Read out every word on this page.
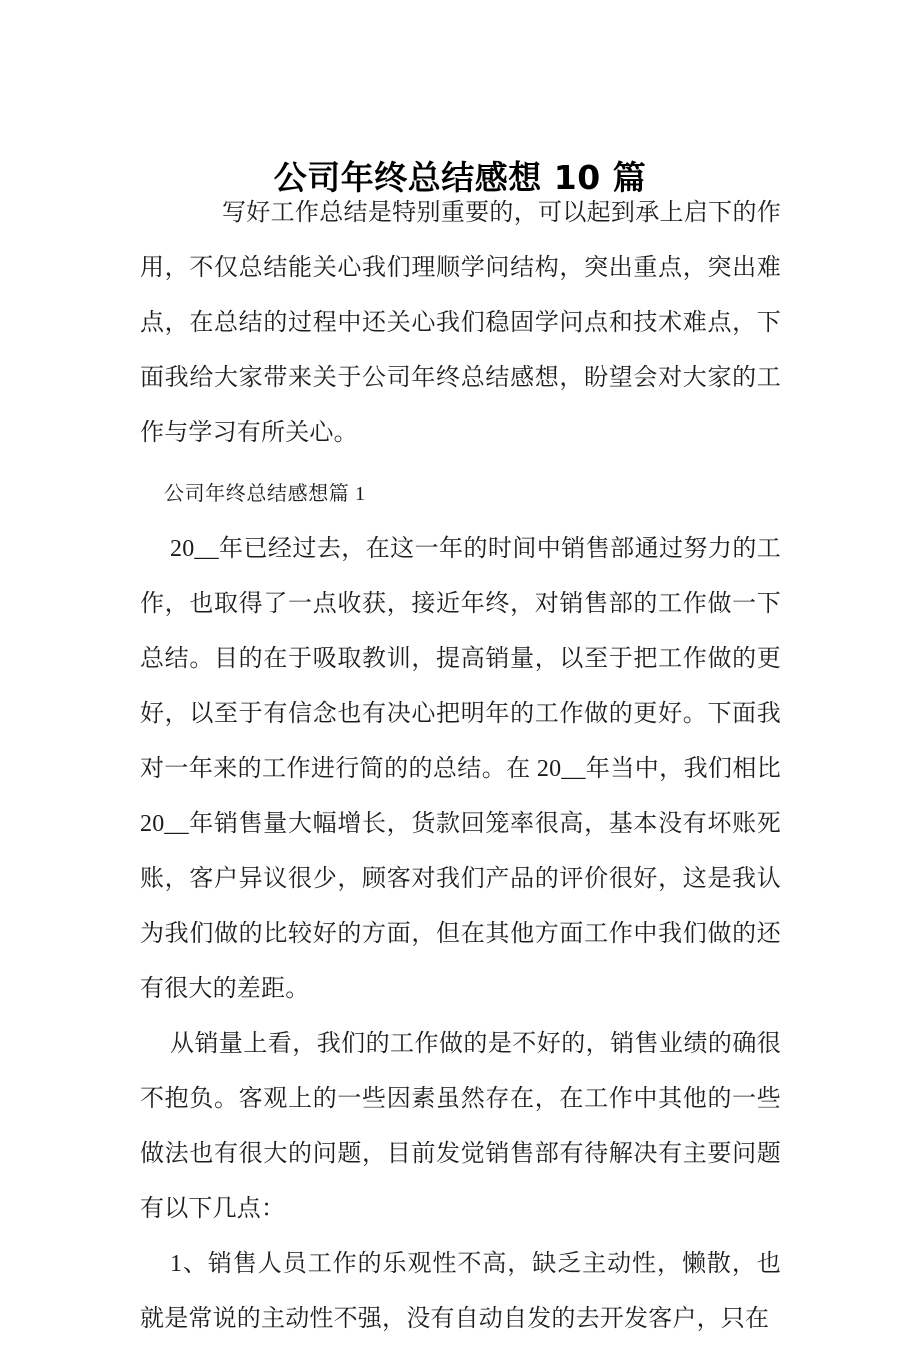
公司年终总结感想 10 篇

写好工作总结是特别重要的，可以起到承上启下的作用，不仅总结能关心我们理顺学问结构，突出重点，突出难点，在总结的过程中还关心我们稳固学问点和技术难点，下面我给大家带来关于公司年终总结感想，盼望会对大家的工作与学习有所关心。

公司年终总结感想篇 1

20__年已经过去，在这一年的时间中销售部通过努力的工作，也取得了一点收获，接近年终，对销售部的工作做一下总结。目的在于吸取教训，提高销量，以至于把工作做的更好，以至于有信念也有决心把明年的工作做的更好。下面我对一年来的工作进行简的的总结。在 20__年当中，我们相比 20__年销售量大幅增长，货款回笼率很高，基本没有坏账死账，客户异议很少，顾客对我们产品的评价很好，这是我认为我们做的比较好的方面，但在其他方面工作中我们做的还有很大的差距。

从销量上看，我们的工作做的是不好的，销售业绩的确很不抱负。客观上的一些因素虽然存在，在工作中其他的一些做法也有很大的问题，目前发觉销售部有待解决有主要问题有以下几点：

1、销售人员工作的乐观性不高，缺乏主动性，懒散，也就是常说的主动性不强，没有自动自发的去开发客户，只在
